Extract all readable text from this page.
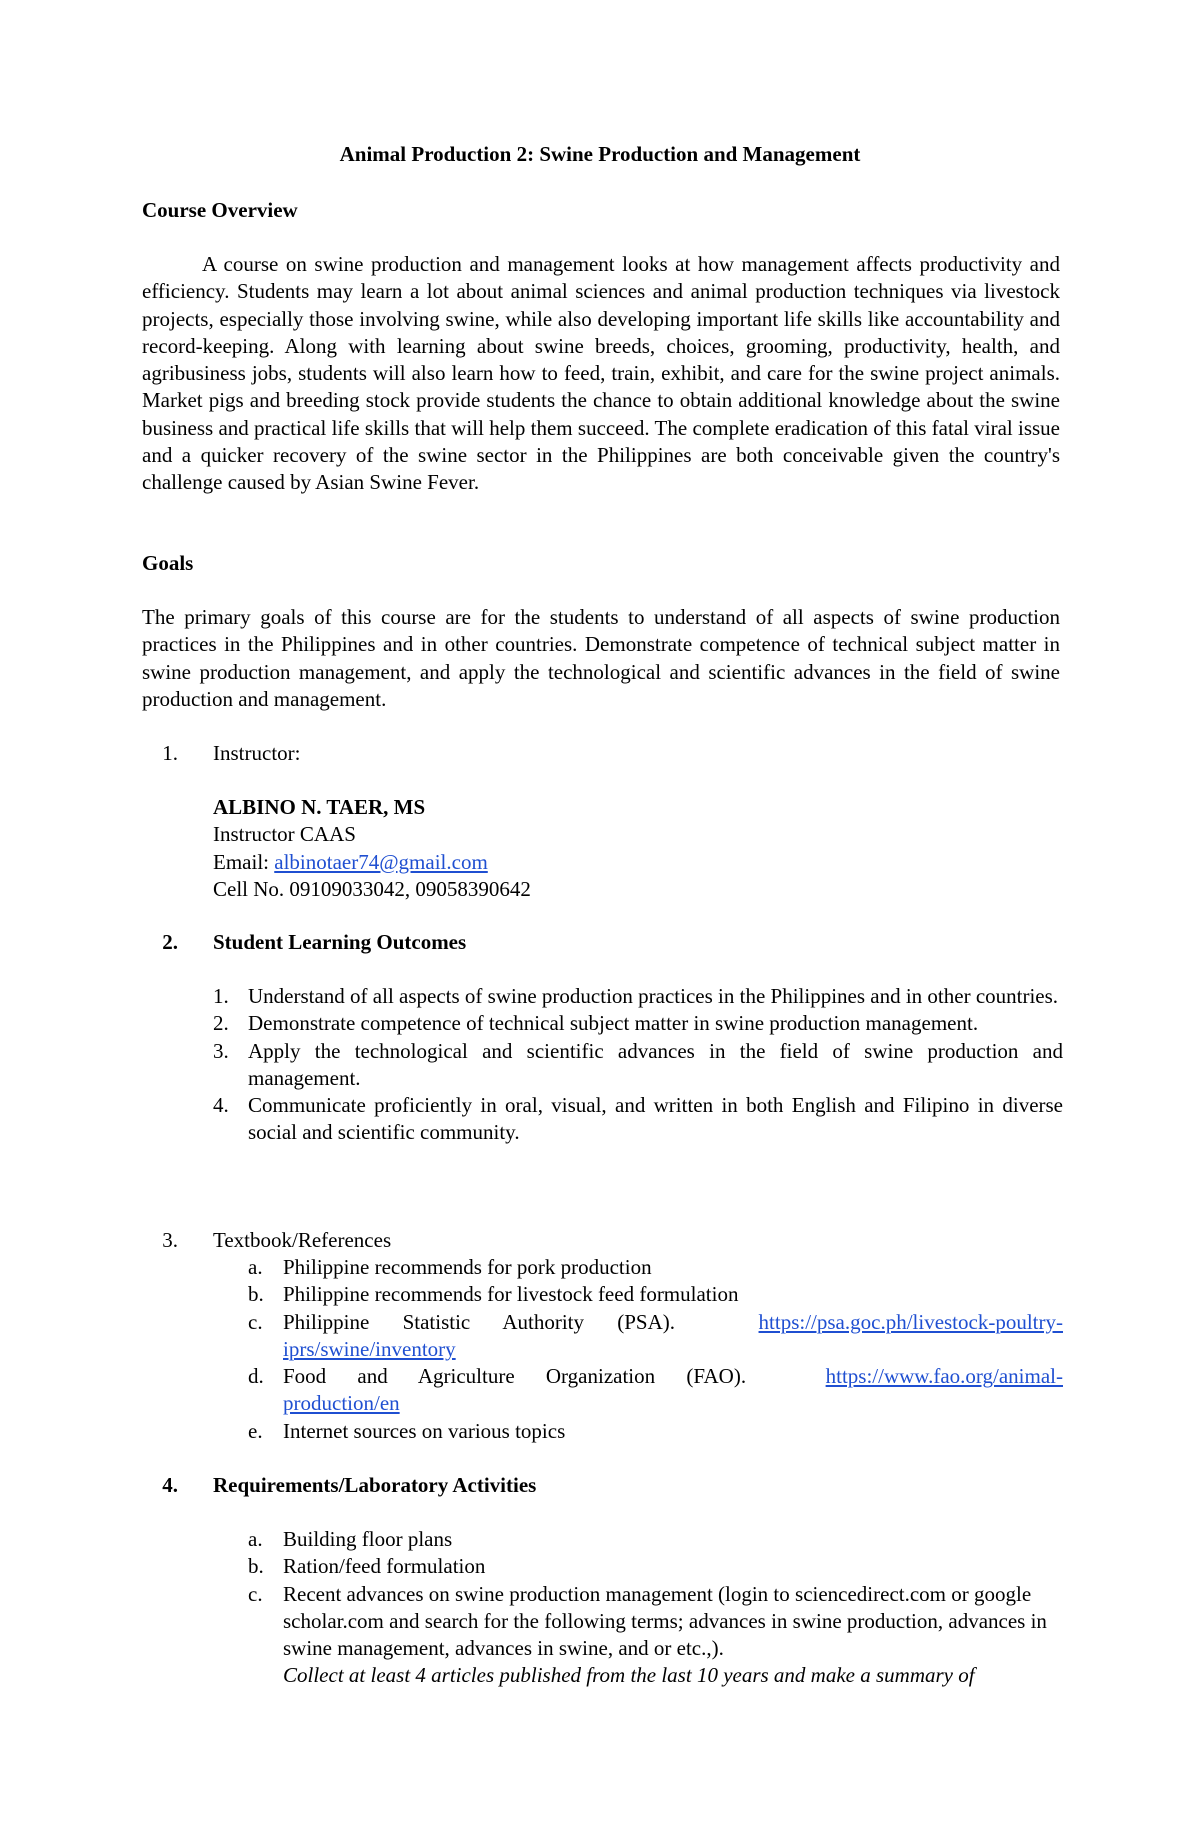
Animal Production 2: Swine Production and Management
Course Overview
A course on swine production and management looks at how management affects productivity and efficiency. Students may learn a lot about animal sciences and animal production techniques via livestock projects, especially those involving swine, while also developing important life skills like accountability and record-keeping. Along with learning about swine breeds, choices, grooming, productivity, health, and agribusiness jobs, students will also learn how to feed, train, exhibit, and care for the swine project animals. Market pigs and breeding stock provide students the chance to obtain additional knowledge about the swine business and practical life skills that will help them succeed. The complete eradication of this fatal viral issue and a quicker recovery of the swine sector in the Philippines are both conceivable given the country's challenge caused by Asian Swine Fever.
Goals
The primary goals of this course are for the students to understand of all aspects of swine production practices in the Philippines and in other countries. Demonstrate competence of technical subject matter in swine production management, and apply the technological and scientific advances in the field of swine production and management.
1. Instructor:
ALBINO N. TAER, MS
Instructor CAAS
Email: albinotaer74@gmail.com
Cell No. 09109033042, 09058390642
2. Student Learning Outcomes
1. Understand of all aspects of swine production practices in the Philippines and in other countries.
2. Demonstrate competence of technical subject matter in swine production management.
3. Apply the technological and scientific advances in the field of swine production and management.
4. Communicate proficiently in oral, visual, and written in both English and Filipino in diverse social and scientific community.
3. Textbook/References
a. Philippine recommends for pork production
b. Philippine recommends for livestock feed formulation
c. Philippine Statistic Authority (PSA).	https://psa.goc.ph/livestock-poultry-
iprs/swine/inventory
d. Food and Agriculture Organization (FAO).	https://www.fao.org/animal-
production/en
e. Internet sources on various topics
4. Requirements/Laboratory Activities
a. Building floor plans
b. Ration/feed formulation
c. Recent advances on swine production management (login to sciencedirect.com or google scholar.com and search for the following terms; advances in swine production, advances in swine management, advances in swine, and or etc.,).
Collect at least 4 articles published from the last 10 years and make a summary of
